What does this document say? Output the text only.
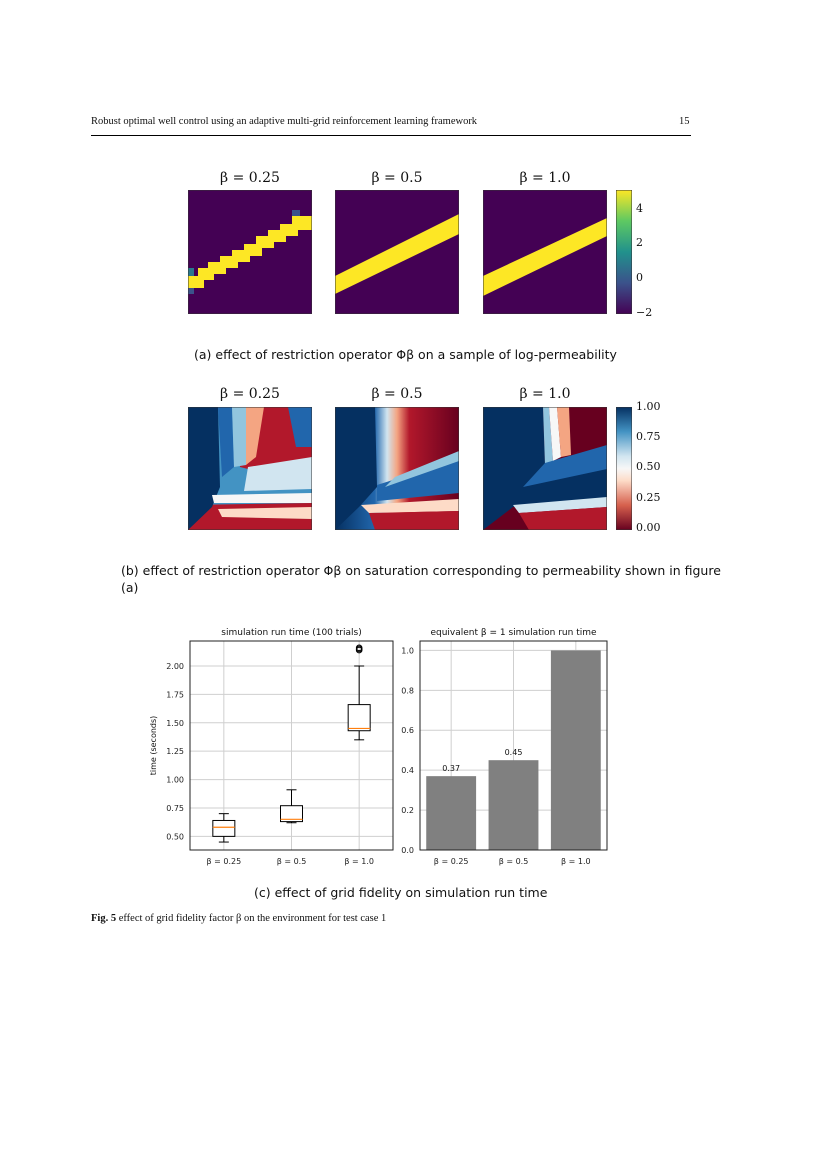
Robust optimal well control using an adaptive multi-grid reinforcement learning framework	15
β = 0.25	β = 0.5	β = 1.0
4
2
0
−2
(a) effect of restriction operator Φβ on a sample of log-permeability
β = 0.25	β = 0.5	β = 1.0
1.00
0.75
0.50
0.25
0.00
(b) effect of restriction operator Φβ on saturation corresponding to permeability shown in figure
(a)
0.50
0.75
1.00
1.25
1.50
1.75
2.00
β = 0.25	β = 0.5	β = 1.0
simulation run time (100 trials)
time (seconds)
0.0
0.2
0.4
0.6
0.8
1.0
β = 0.25	β = 0.5	β = 1.0
0.37
0.45
equivalent β = 1 simulation run time
(c) effect of grid fidelity on simulation run time
Fig. 5 effect of grid fidelity factor β on the environment for test case 1
